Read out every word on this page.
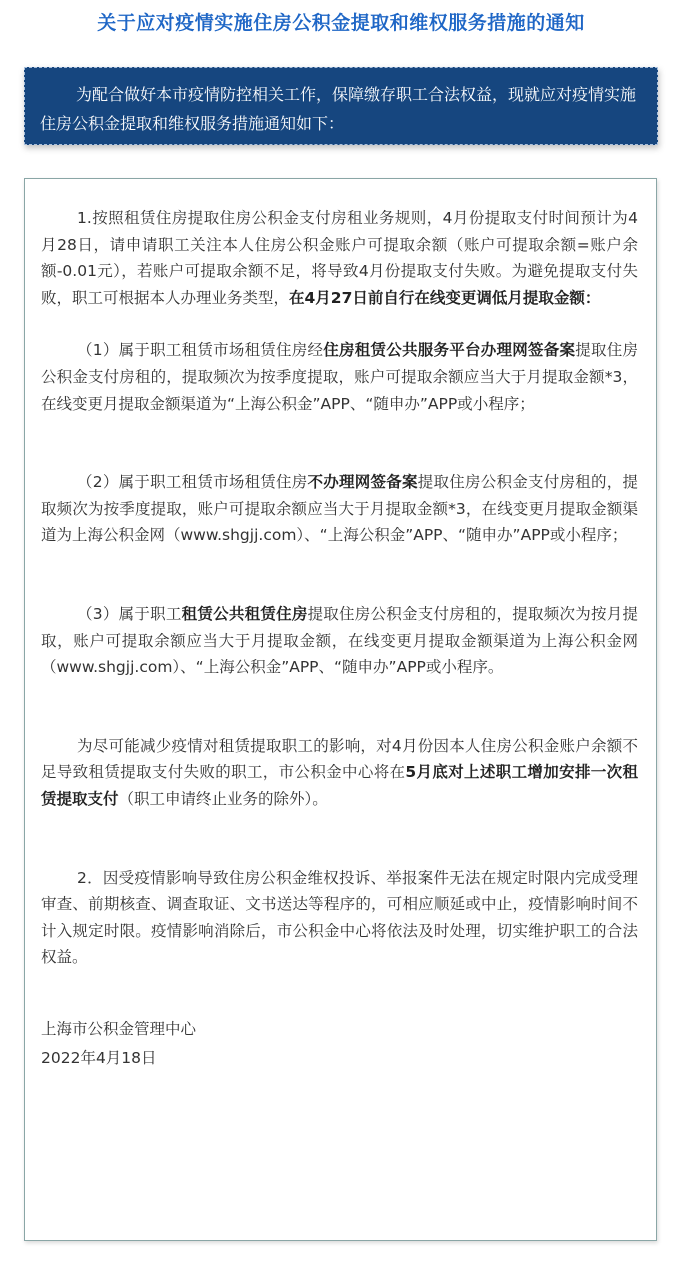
关于应对疫情实施住房公积金提取和维权服务措施的通知

为配合做好本市疫情防控相关工作，保障缴存职工合法权益，现就应对疫情实施住房公积金提取和维权服务措施通知如下：

1.按照租赁住房提取住房公积金支付房租业务规则，4月份提取支付时间预计为4月28日，请申请职工关注本人住房公积金账户可提取余额（账户可提取余额=账户余额-0.01元），若账户可提取余额不足，将导致4月份提取支付失败。为避免提取支付失败，职工可根据本人办理业务类型，在4月27日前自行在线变更调低月提取金额：

（1）属于职工租赁市场租赁住房经住房租赁公共服务平台办理网签备案提取住房公积金支付房租的，提取频次为按季度提取，账户可提取余额应当大于月提取金额*3，在线变更月提取金额渠道为“上海公积金”APP、“随申办”APP或小程序；

（2）属于职工租赁市场租赁住房不办理网签备案提取住房公积金支付房租的，提取频次为按季度提取，账户可提取余额应当大于月提取金额*3，在线变更月提取金额渠道为上海公积金网（www.shgjj.com）、“上海公积金”APP、“随申办”APP或小程序；

（3）属于职工租赁公共租赁住房提取住房公积金支付房租的，提取频次为按月提取，账户可提取余额应当大于月提取金额，在线变更月提取金额渠道为上海公积金网（www.shgjj.com）、“上海公积金”APP、“随申办”APP或小程序。

为尽可能减少疫情对租赁提取职工的影响，对4月份因本人住房公积金账户余额不足导致租赁提取支付失败的职工，市公积金中心将在5月底对上述职工增加安排一次租赁提取支付（职工申请终止业务的除外）。

2．因受疫情影响导致住房公积金维权投诉、举报案件无法在规定时限内完成受理审查、前期核查、调查取证、文书送达等程序的，可相应顺延或中止，疫情影响时间不计入规定时限。疫情影响消除后，市公积金中心将依法及时处理，切实维护职工的合法权益。

上海市公积金管理中心
2022年4月18日
